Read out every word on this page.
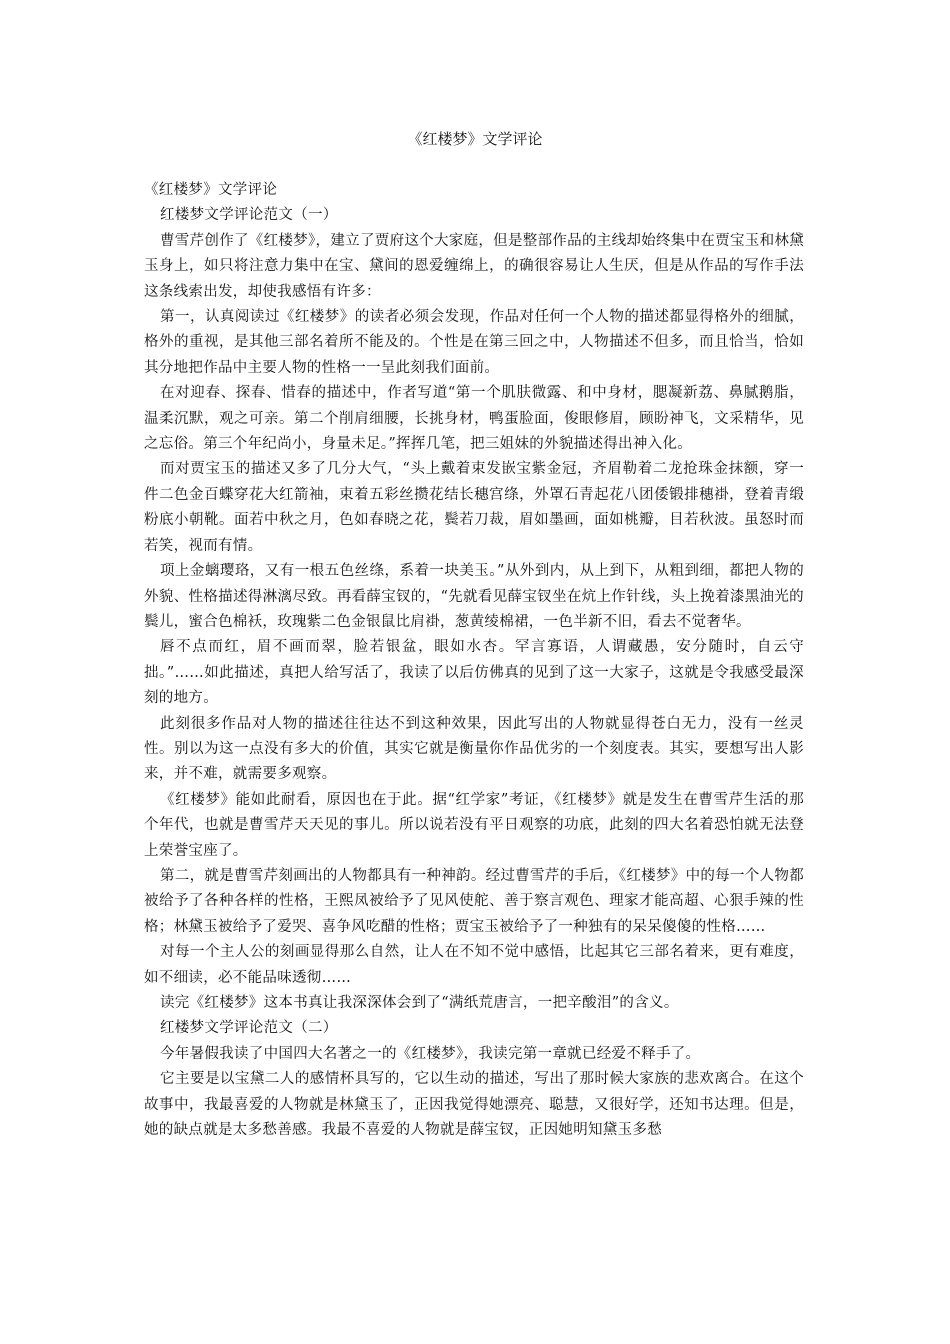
《红楼梦》文学评论

《红楼梦》文学评论

红楼梦文学评论范文（一）

曹雪芹创作了《红楼梦》，建立了贾府这个大家庭，但是整部作品的主线却始终集中在贾宝玉和林黛玉身上，如只将注意力集中在宝、黛间的恩爱缠绵上，的确很容易让人生厌，但是从作品的写作手法这条线索出发，却使我感悟有许多：

第一，认真阅读过《红楼梦》的读者必须会发现，作品对任何一个人物的描述都显得格外的细腻，格外的重视，是其他三部名着所不能及的。个性是在第三回之中，人物描述不但多，而且恰当，恰如其分地把作品中主要人物的性格一一呈此刻我们面前。

在对迎春、探春、惜春的描述中，作者写道“第一个肌肤微露、和中身材，腮凝新荔、鼻腻鹅脂，温柔沉默，观之可亲。第二个削肩细腰，长挑身材，鸭蛋脸面，俊眼修眉，顾盼神飞，文采精华，见之忘俗。第三个年纪尚小，身量未足。”挥挥几笔，把三姐妹的外貌描述得出神入化。

而对贾宝玉的描述又多了几分大气，“头上戴着束发嵌宝紫金冠，齐眉勒着二龙抢珠金抹额，穿一件二色金百蝶穿花大红箭袖，束着五彩丝攒花结长穗宫绦，外罩石青起花八团倭锻排穗褂，登着青缎粉底小朝靴。面若中秋之月，色如春晓之花，鬓若刀裁，眉如墨画，面如桃瓣，目若秋波。虽怒时而若笑，视而有情。

项上金螭璎珞，又有一根五色丝绦，系着一块美玉。”从外到内，从上到下，从粗到细，都把人物的外貌、性格描述得淋漓尽致。再看薛宝钗的，“先就看见薛宝钗坐在炕上作针线，头上挽着漆黑油光的鬓儿，蜜合色棉袄，玫瑰紫二色金银鼠比肩褂，葱黄绫棉裙，一色半新不旧，看去不觉奢华。

唇不点而红，眉不画而翠，脸若银盆，眼如水杏。罕言寡语，人谓藏愚，安分随时，自云守拙。”……如此描述，真把人给写活了，我读了以后仿佛真的见到了这一大家子，这就是令我感受最深刻的地方。

此刻很多作品对人物的描述往往达不到这种效果，因此写出的人物就显得苍白无力，没有一丝灵性。别以为这一点没有多大的价值，其实它就是衡量你作品优劣的一个刻度表。其实，要想写出人影来，并不难，就需要多观察。

《红楼梦》能如此耐看，原因也在于此。据“红学家”考证，《红楼梦》就是发生在曹雪芹生活的那个年代，也就是曹雪芹天天见的事儿。所以说若没有平日观察的功底，此刻的四大名着恐怕就无法登上荣誉宝座了。

第二，就是曹雪芹刻画出的人物都具有一种神韵。经过曹雪芹的手后，《红楼梦》中的每一个人物都被给予了各种各样的性格，王熙凤被给予了见风使舵、善于察言观色、理家才能高超、心狠手辣的性格；林黛玉被给予了爱哭、喜争风吃醋的性格；贾宝玉被给予了一种独有的呆呆傻傻的性格……

对每一个主人公的刻画显得那么自然，让人在不知不觉中感悟，比起其它三部名着来，更有难度，如不细读，必不能品味透彻……

读完《红楼梦》这本书真让我深深体会到了“满纸荒唐言，一把辛酸泪”的含义。

红楼梦文学评论范文（二）

今年暑假我读了中国四大名著之一的《红楼梦》，我读完第一章就已经爱不释手了。

它主要是以宝黛二人的感情杯具写的，它以生动的描述，写出了那时候大家族的悲欢离合。在这个故事中，我最喜爱的人物就是林黛玉了，正因我觉得她漂亮、聪慧，又很好学，还知书达理。但是，她的缺点就是太多愁善感。我最不喜爱的人物就是薛宝钗，正因她明知黛玉多愁
